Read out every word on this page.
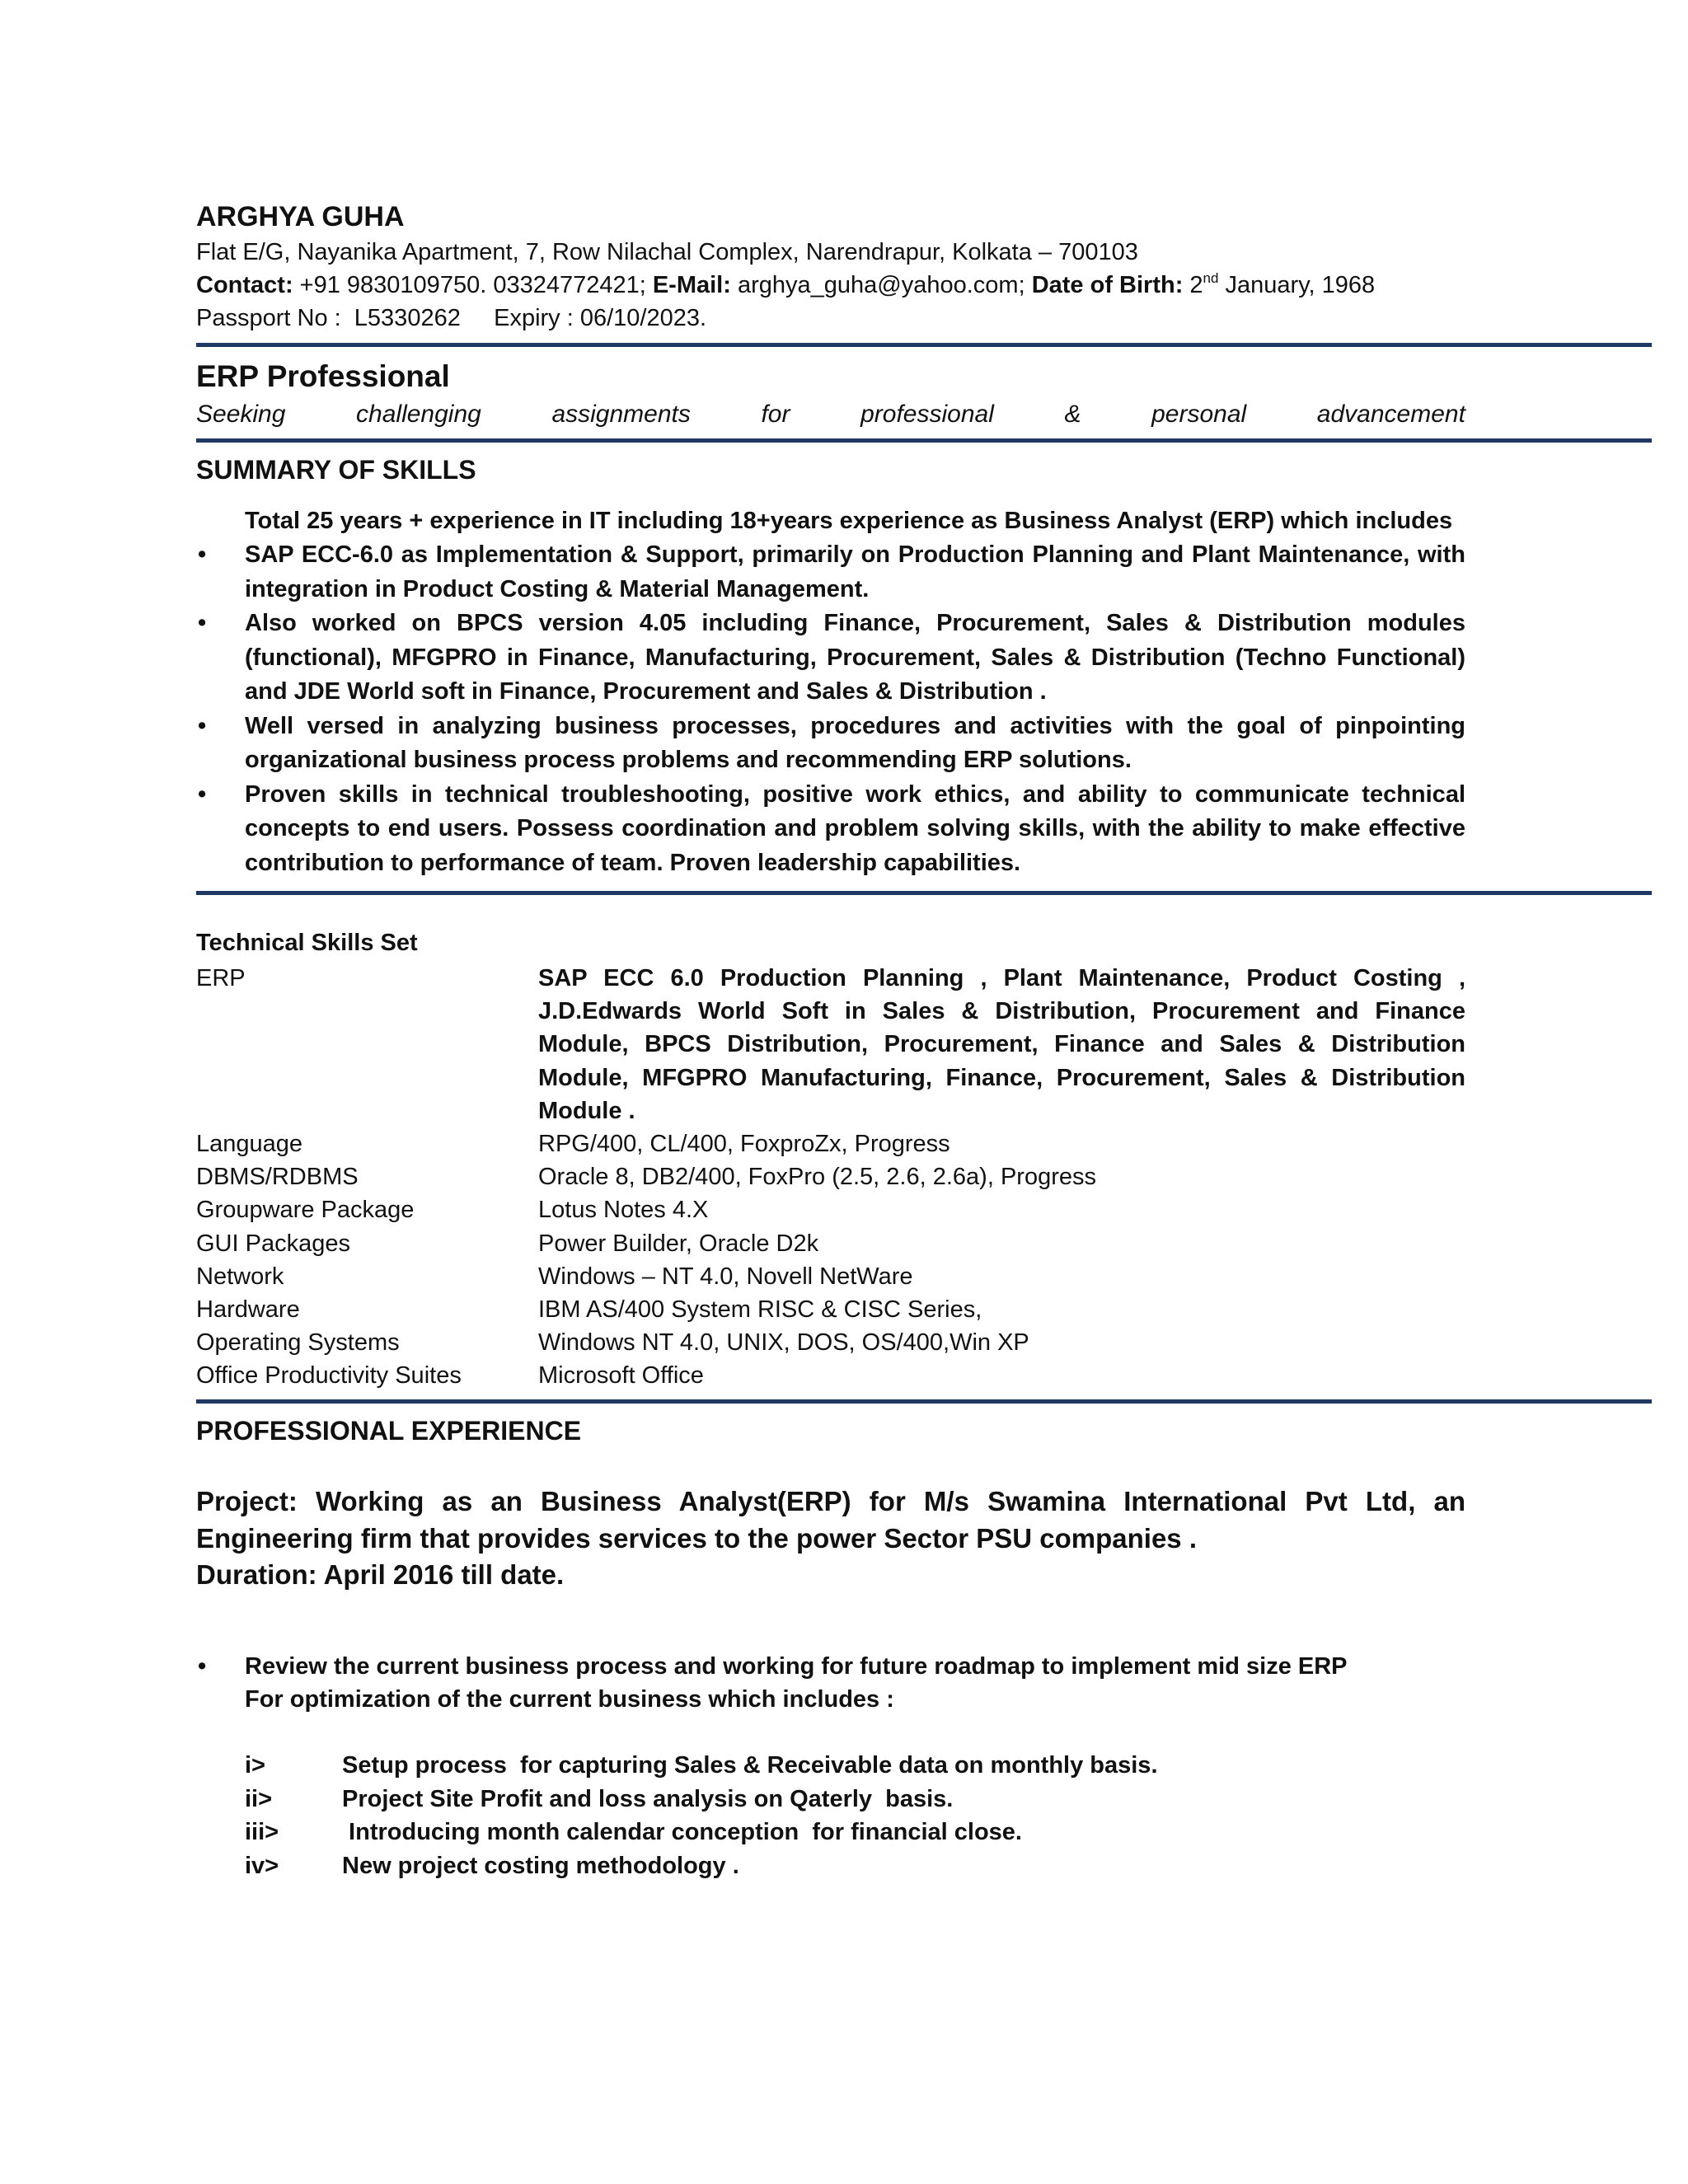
ARGHYA GUHA
Flat E/G, Nayanika Apartment, 7, Row Nilachal Complex, Narendrapur, Kolkata – 700103
Contact: +91 9830109750. 03324772421; E-Mail: arghya_guha@yahoo.com; Date of Birth: 2nd January, 1968
Passport No :  L5330262     Expiry : 06/10/2023.
ERP Professional
Seeking	challenging	assignments	for	professional	&	personal	advancement
SUMMARY OF SKILLS
Total 25 years + experience in IT including 18+years experience as Business Analyst (ERP) which includes
• SAP ECC-6.0 as Implementation & Support, primarily on Production Planning and Plant Maintenance, with integration in Product Costing & Material Management.
• Also worked on BPCS version 4.05 including Finance, Procurement, Sales & Distribution modules (functional), MFGPRO in Finance, Manufacturing, Procurement, Sales & Distribution (Techno Functional) and JDE World soft in Finance, Procurement and Sales & Distribution .
• Well versed in analyzing business processes, procedures and activities with the goal of pinpointing organizational business process problems and recommending ERP solutions.
• Proven skills in technical troubleshooting, positive work ethics, and ability to communicate technical concepts to end users. Possess coordination and problem solving skills, with the ability to make effective contribution to performance of team. Proven leadership capabilities.
Technical Skills Set
ERP	SAP ECC 6.0 Production Planning , Plant Maintenance, Product Costing , J.D.Edwards World Soft in Sales & Distribution, Procurement and Finance Module, BPCS Distribution, Procurement, Finance and Sales & Distribution Module, MFGPRO Manufacturing, Finance, Procurement, Sales & Distribution Module .
Language	RPG/400, CL/400, FoxproZx, Progress
DBMS/RDBMS	Oracle 8, DB2/400, FoxPro (2.5, 2.6, 2.6a), Progress
Groupware Package	Lotus Notes 4.X
GUI Packages	Power Builder, Oracle D2k
Network	Windows – NT 4.0, Novell NetWare
Hardware	IBM AS/400 System RISC & CISC Series,
Operating Systems	Windows NT 4.0, UNIX, DOS, OS/400,Win XP
Office Productivity Suites	Microsoft Office
PROFESSIONAL EXPERIENCE
Project: Working as an Business Analyst(ERP) for M/s Swamina International Pvt Ltd, an Engineering firm that provides services to the power Sector PSU companies .
Duration: April 2016 till date.
• Review the current business process and working for future roadmap to implement mid size ERP
For optimization of the current business which includes :
i>	Setup process  for capturing Sales & Receivable data on monthly basis.
ii>	Project Site Profit and loss analysis on Qaterly  basis.
iii>	Introducing month calendar conception  for financial close.
iv>	New project costing methodology .
